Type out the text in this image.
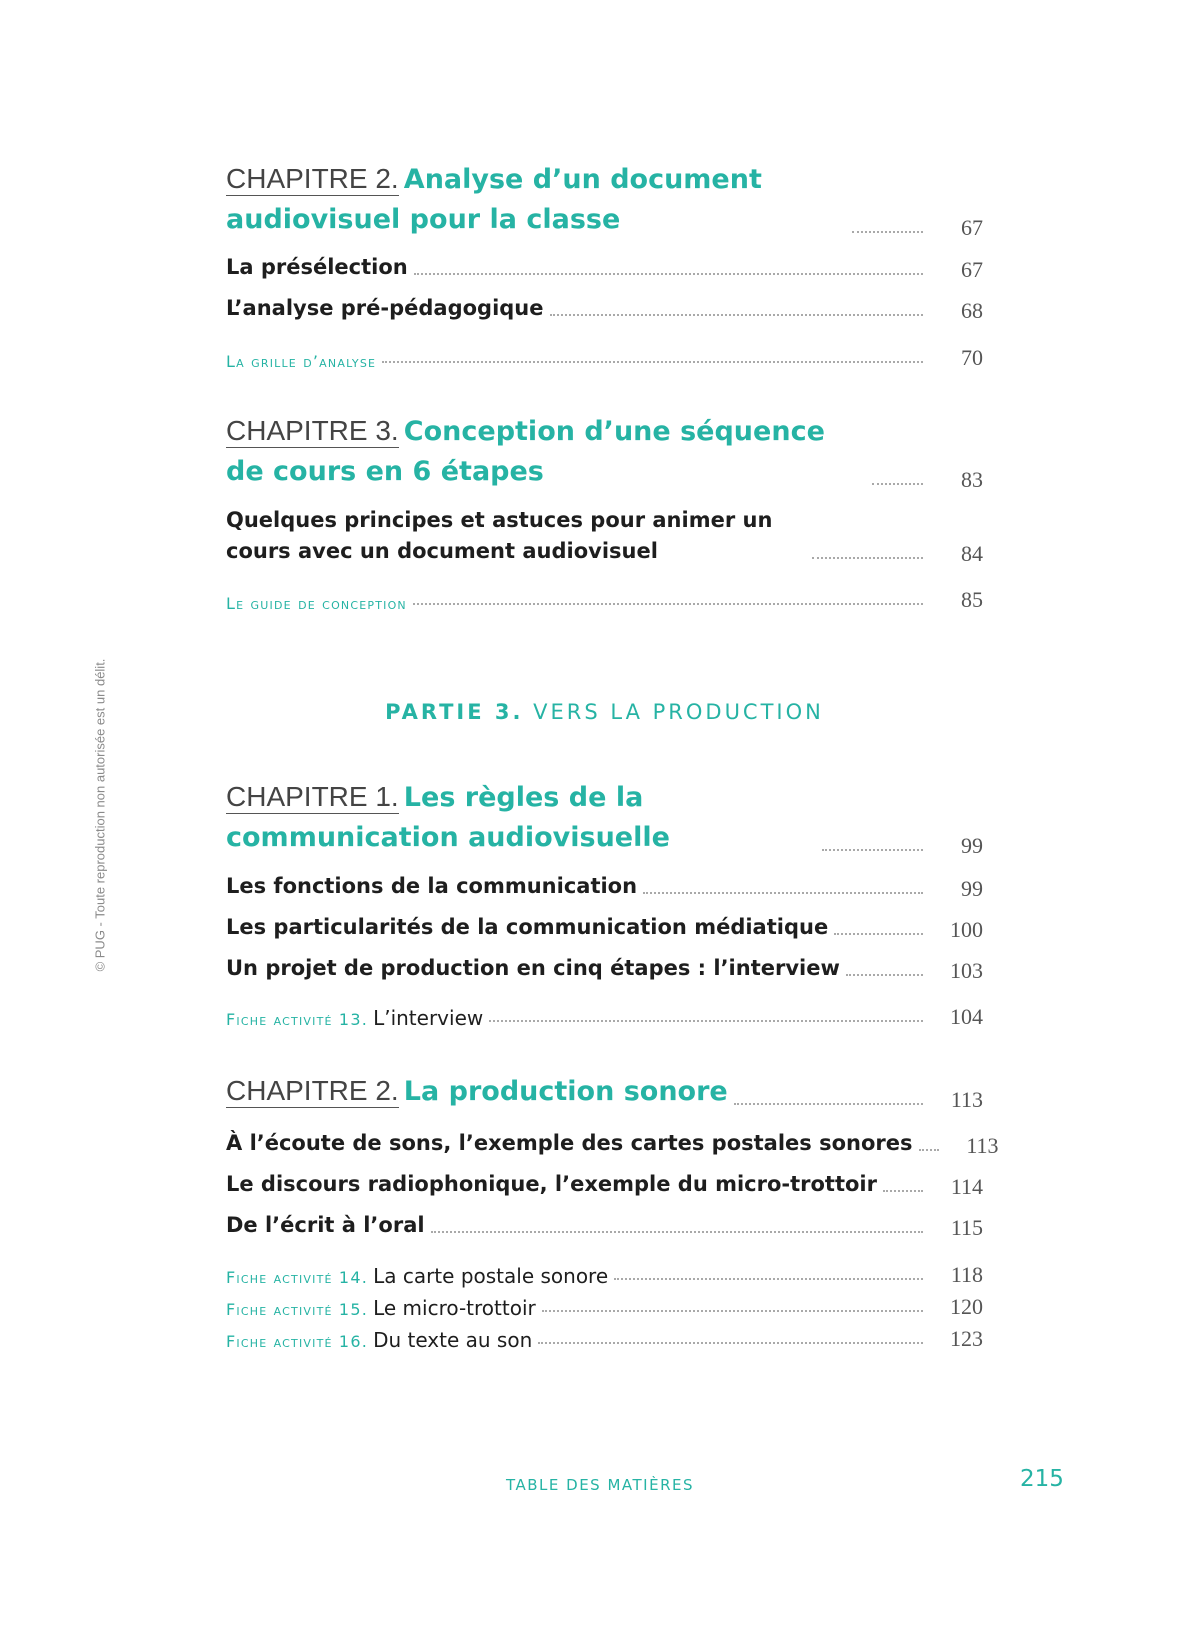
© PUG - Toute reproduction non autorisée est un délit.
CHAPITRE 2. Analyse d’un document audiovisuel pour la classe	67
La présélection	67
L’analyse pré-pédagogique	68
La grille d’analyse	70
CHAPITRE 3. Conception d’une séquence de cours en 6 étapes	83
Quelques principes et astuces pour animer un cours avec un document audiovisuel	84
Le guide de conception	85
CHAPITRE 1. Les règles de la communication audiovisuelle	99
Les fonctions de la communication	99
Les particularités de la communication médiatique	100
Un projet de production en cinq étapes : l’interview	103
Fiche activité 13. L’interview	104
CHAPITRE 2. La production sonore	113
À l’écoute de sons, l’exemple des cartes postales sonores	113
Le discours radiophonique, l’exemple du micro-trottoir	114
De l’écrit à l’oral	115
Fiche activité 14. La carte postale sonore	118
Fiche activité 15. Le micro-trottoir	120
Fiche activité 16. Du texte au son	123
PARTIE 3. VERS LA PRODUCTION
TABLE DES MATIÈRES	215
